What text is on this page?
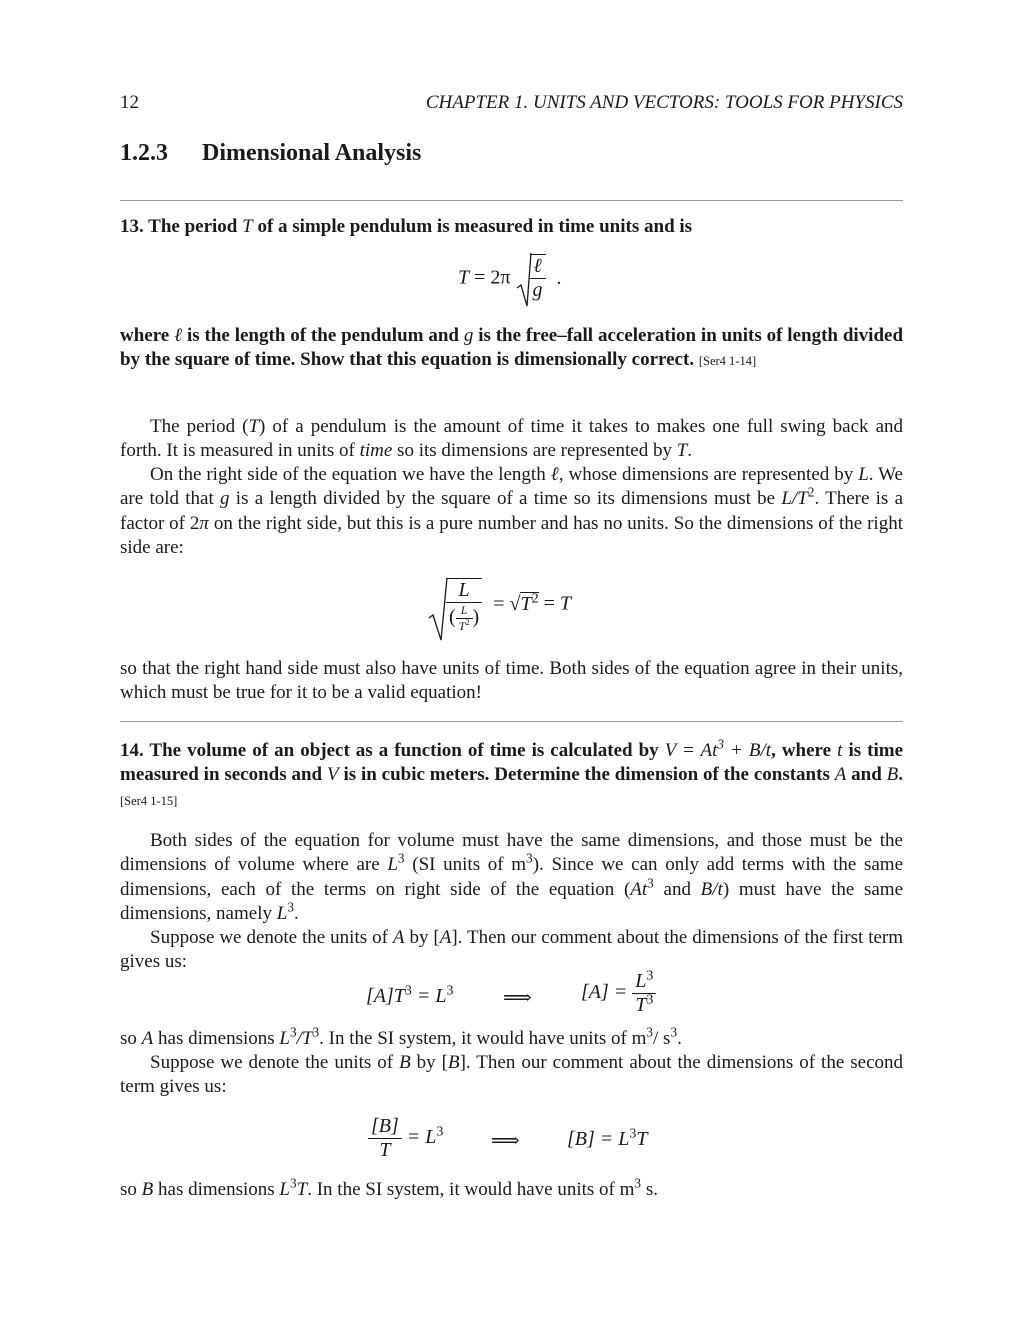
12	CHAPTER 1. UNITS AND VECTORS: TOOLS FOR PHYSICS
1.2.3 Dimensional Analysis

13. The period T of a simple pendulum is measured in time units and is

$T = 2\pi \frac{\text{ℓ}}{g}$ .

where ℓ is the length of the pendulum and g is the free–fall acceleration in units of length divided by the square of time. Show that this equation is dimensionally correct. [Ser4 1-14]

The period (T) of a pendulum is the amount of time it takes to makes one full swing back and forth. It is measured in units of time so its dimensions are represented by T.

On the right side of the equation we have the length ℓ, whose dimensions are represented by L. We are told that g is a length divided by the square of a time so its dimensions must be $L/T^2$. There is a factor of 2π on the right side, but this is a pure number and has no units. So the dimensions of the right side are:

$\frac{L}{( \frac{L}{T^2} )} = √T^2 = T$

so that the right hand side must also have units of time. Both sides of the equation agree in their units, which must be true for it to be a valid equation!

14. The volume of an object as a function of time is calculated by $V = At^3 + B/t$, where t is time measured in seconds and V is in cubic meters. Determine the dimension of the constants A and B. [Ser4 1-15]

Both sides of the equation for volume must have the same dimensions, and those must be the dimensions of volume where are $L^3$ (SI units of $m^3$). Since we can only add terms with the same dimensions, each of the terms on right side of the equation (At$^3$ and B/t) must have the same dimensions, namely $L^3$.

Suppose we denote the units of A by [A]. Then our comment about the dimensions of the first term gives us:

$[A]T^3 = L^3$ ⟹ $[A] = \frac{L^3}{T^3}$

so A has dimensions $L^3/T^3$. In the SI system, it would have units of $m^3/$ $s^3$.

Suppose we denote the units of B by [B]. Then our comment about the dimensions of the second term gives us:

$\frac{[B]}{T} = L^3$ ⟹ $[B] = L^3T$

so B has dimensions $L^3T$. In the SI system, it would have units of $m^3$ s.
